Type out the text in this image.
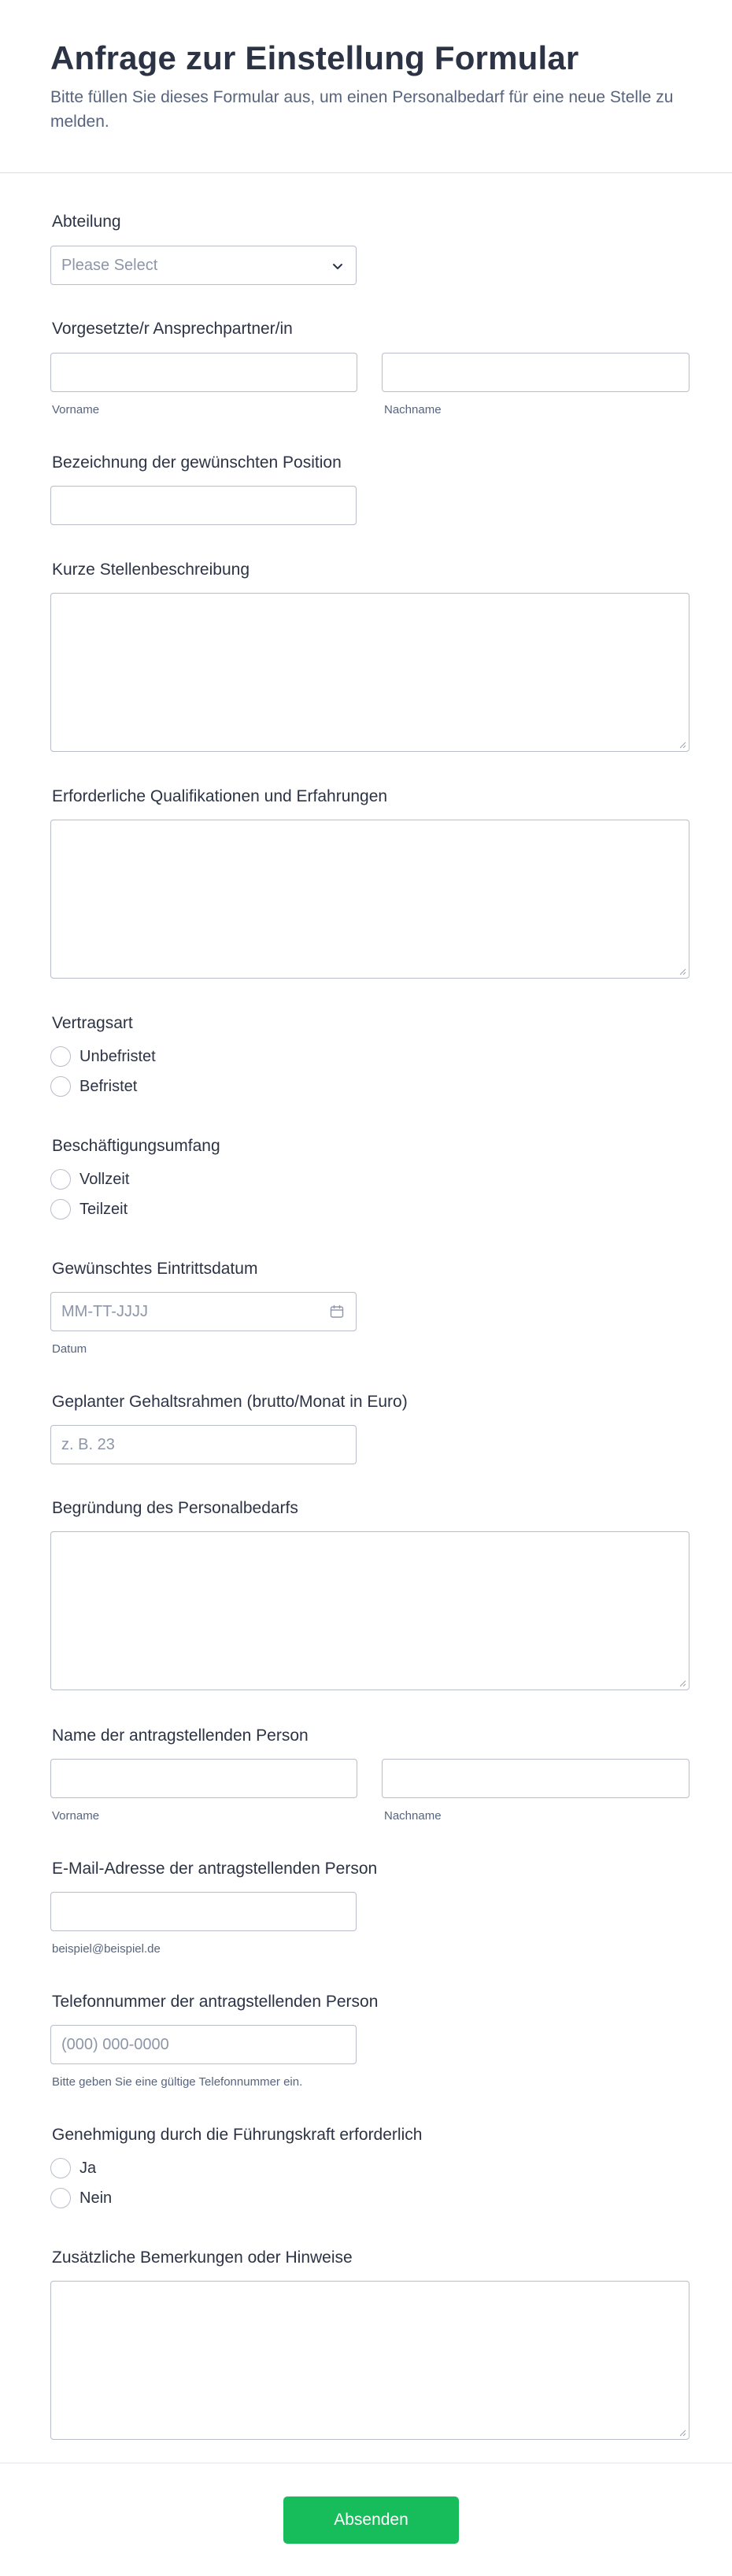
Anfrage zur Einstellung Formular

Bitte füllen Sie dieses Formular aus, um einen Personalbedarf für eine neue Stelle zu melden.

Abteilung
Please Select
Vorgesetzte/r Ansprechpartner/in
Vorname	Nachname
Bezeichnung der gewünschten Position
Kurze Stellenbeschreibung
Erforderliche Qualifikationen und Erfahrungen
Vertragsart
Unbefristet
Befristet
Beschäftigungsumfang
Vollzeit
Teilzeit
Gewünschtes Eintrittsdatum
MM-TT-JJJJ
Datum
Geplanter Gehaltsrahmen (brutto/Monat in Euro)
z. B. 23
Begründung des Personalbedarfs
Name der antragstellenden Person
Vorname	Nachname
E-Mail-Adresse der antragstellenden Person
beispiel@beispiel.de
Telefonnummer der antragstellenden Person
(000) 000-0000
Bitte geben Sie eine gültige Telefonnummer ein.
Genehmigung durch die Führungskraft erforderlich
Ja
Nein
Zusätzliche Bemerkungen oder Hinweise
Absenden
